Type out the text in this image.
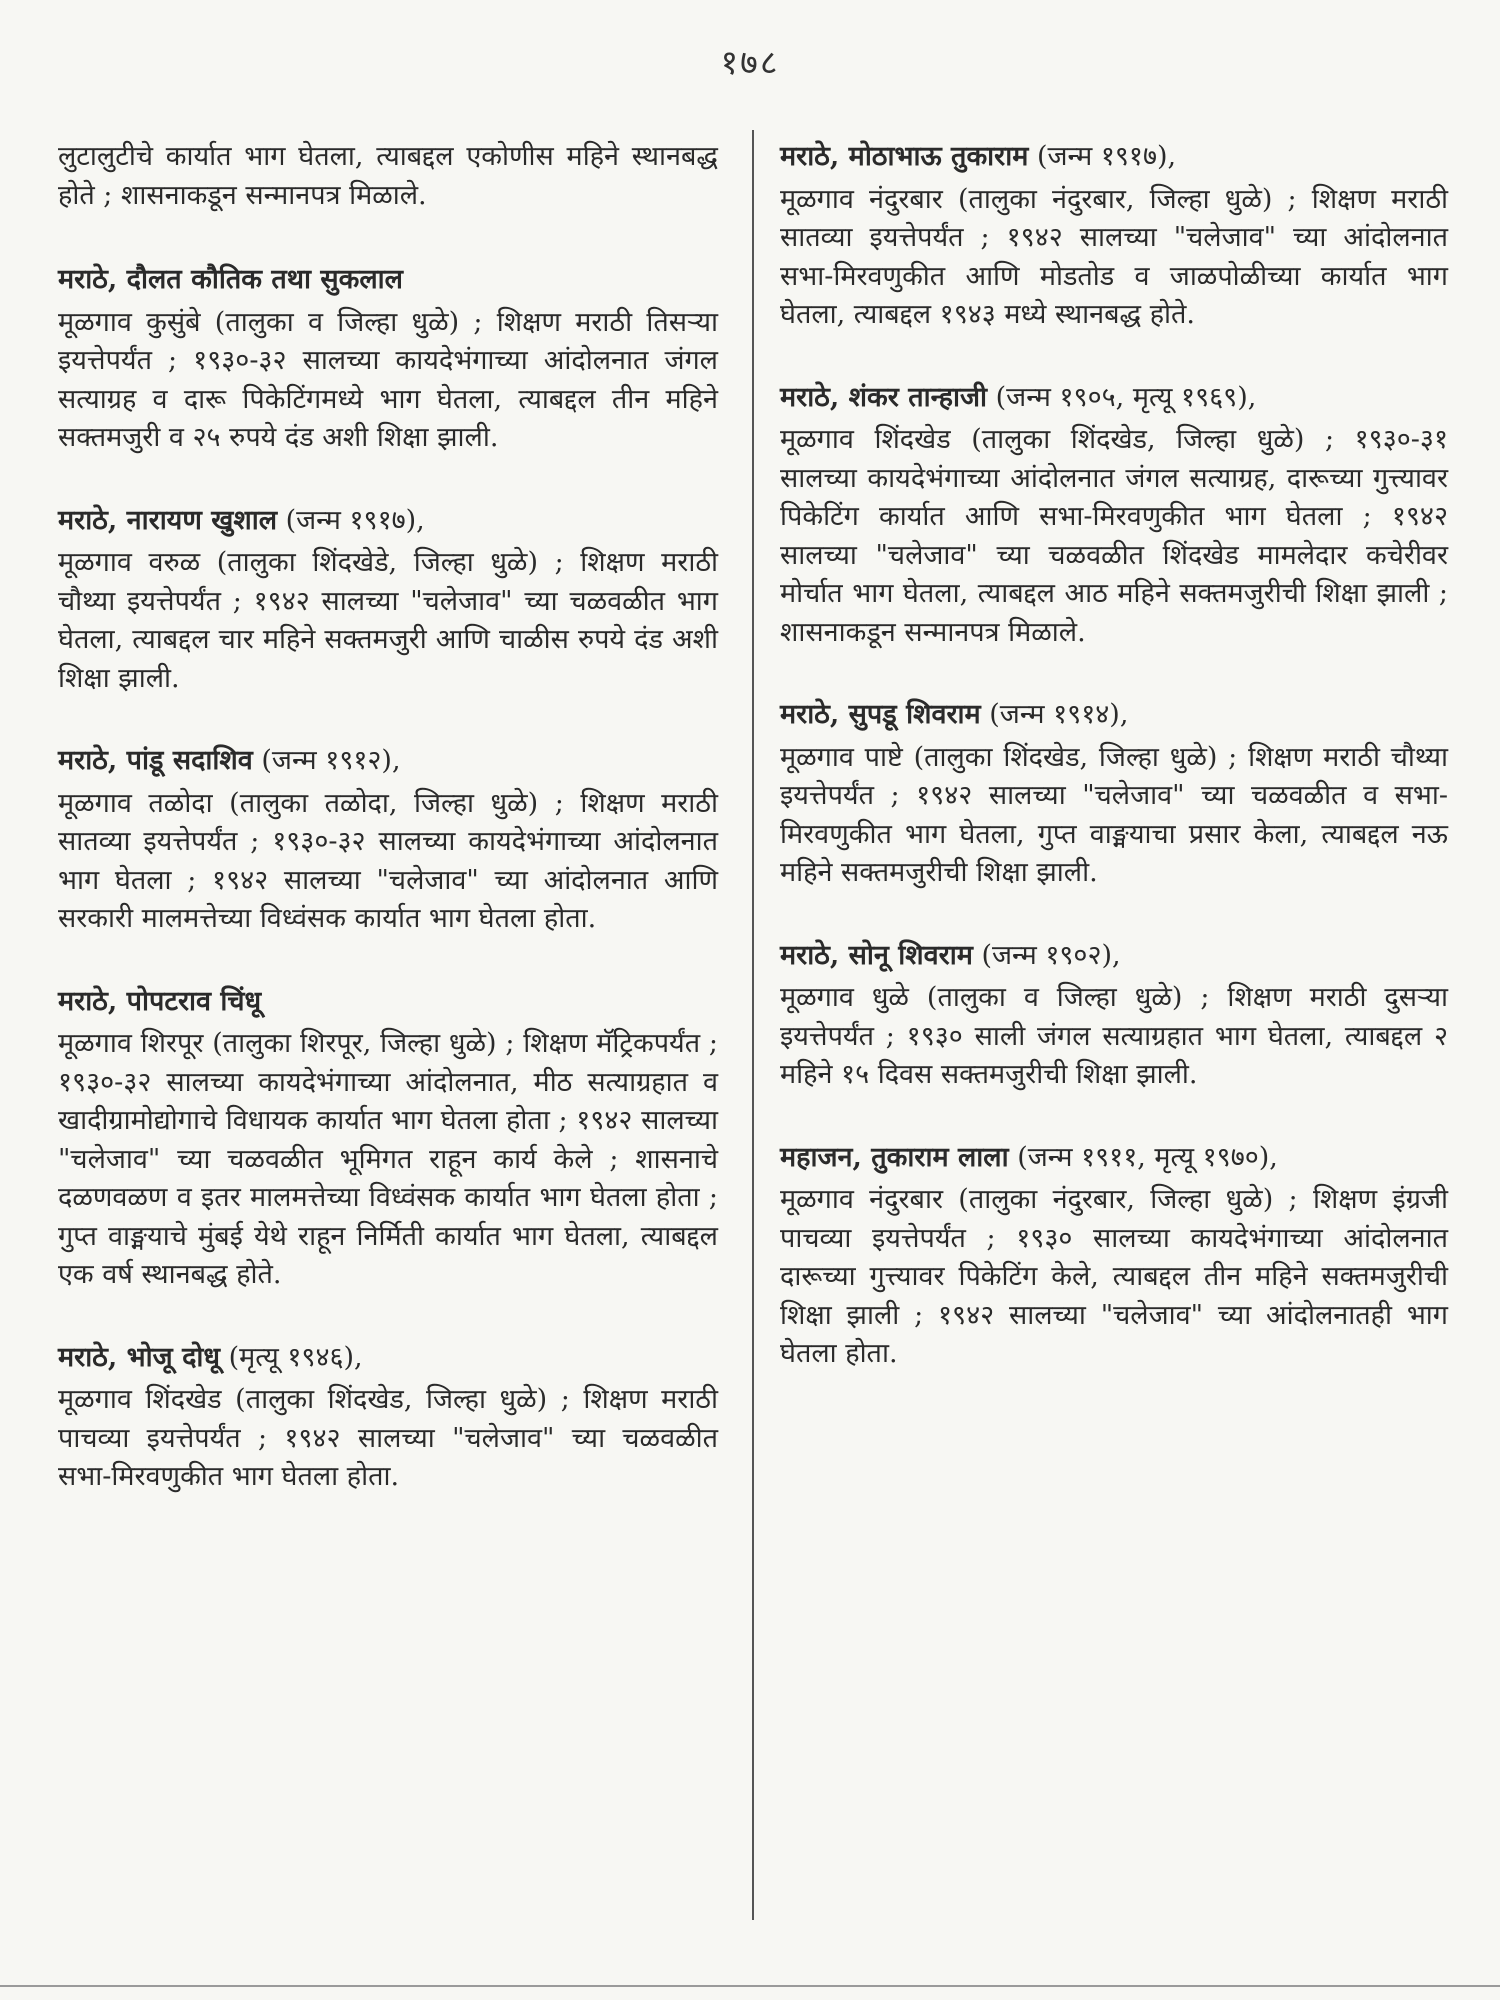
१७८

लुटालुटीचे कार्यात भाग घेतला, त्याबद्दल एकोणीस महिने स्थानबद्ध होते ; शासनाकडून सन्मानपत्र मिळाले.

मराठे, दौलत कौतिक तथा सुकलाल

मूळगाव कुसुंबे (तालुका व जिल्हा धुळे) ; शिक्षण मराठी तिसऱ्या इयत्तेपर्यंत ; १९३०-३२ सालच्या कायदेभंगाच्या आंदोलनात जंगल सत्याग्रह व दारू पिकेटिंगमध्ये भाग घेतला, त्याबद्दल तीन महिने सक्तमजुरी व २५ रुपये दंड अशी शिक्षा झाली.

मराठे, नारायण खुशाल (जन्म १९१७),

मूळगाव वरुळ (तालुका शिंदखेडे, जिल्हा धुळे) ; शिक्षण मराठी चौथ्या इयत्तेपर्यंत ; १९४२ सालच्या "चलेजाव" च्या चळवळीत भाग घेतला, त्याबद्दल चार महिने सक्तमजुरी आणि चाळीस रुपये दंड अशी शिक्षा झाली.

मराठे, पांडू सदाशिव (जन्म १९१२),

मूळगाव तळोदा (तालुका तळोदा, जिल्हा धुळे) ; शिक्षण मराठी सातव्या इयत्तेपर्यंत ; १९३०-३२ सालच्या कायदेभंगाच्या आंदोलनात भाग घेतला ; १९४२ सालच्या "चलेजाव" च्या आंदोलनात आणि सरकारी मालमत्तेच्या विध्वंसक कार्यात भाग घेतला होता.

मराठे, पोपटराव चिंधू

मूळगाव शिरपूर (तालुका शिरपूर, जिल्हा धुळे) ; शिक्षण मॅट्रिकपर्यंत ; १९३०-३२ सालच्या कायदेभंगाच्या आंदोलनात, मीठ सत्याग्रहात व खादीग्रामोद्योगाचे विधायक कार्यात भाग घेतला होता ; १९४२ सालच्या "चलेजाव" च्या चळवळीत भूमिगत राहून कार्य केले ; शासनाचे दळणवळण व इतर मालमत्तेच्या विध्वंसक कार्यात भाग घेतला होता ; गुप्त वाङ्मयाचे मुंबई येथे राहून निर्मिती कार्यात भाग घेतला, त्याबद्दल एक वर्ष स्थानबद्ध होते.

मराठे, भोजू दोधू (मृत्यू १९४६),

मूळगाव शिंदखेड (तालुका शिंदखेड, जिल्हा धुळे) ; शिक्षण मराठी पाचव्या इयत्तेपर्यंत ; १९४२ सालच्या "चलेजाव" च्या चळवळीत सभा-मिरवणुकीत भाग घेतला होता.

मराठे, मोठाभाऊ तुकाराम (जन्म १९१७),

मूळगाव नंदुरबार (तालुका नंदुरबार, जिल्हा धुळे) ; शिक्षण मराठी सातव्या इयत्तेपर्यंत ; १९४२ सालच्या "चलेजाव" च्या आंदोलनात सभा-मिरवणुकीत आणि मोडतोड व जाळपोळीच्या कार्यात भाग घेतला, त्याबद्दल १९४३ मध्ये स्थानबद्ध होते.

मराठे, शंकर तान्हाजी (जन्म १९०५, मृत्यू १९६९),

मूळगाव शिंदखेड (तालुका शिंदखेड, जिल्हा धुळे) ; १९३०-३१ सालच्या कायदेभंगाच्या आंदोलनात जंगल सत्याग्रह, दारूच्या गुत्त्यावर पिकेटिंग कार्यात आणि सभा-मिरवणुकीत भाग घेतला ; १९४२ सालच्या "चलेजाव" च्या चळवळीत शिंदखेड मामलेदार कचेरीवर मोर्चात भाग घेतला, त्याबद्दल आठ महिने सक्तमजुरीची शिक्षा झाली ; शासनाकडून सन्मानपत्र मिळाले.

मराठे, सुपडू शिवराम (जन्म १९१४),

मूळगाव पाष्टे (तालुका शिंदखेड, जिल्हा धुळे) ; शिक्षण मराठी चौथ्या इयत्तेपर्यंत ; १९४२ सालच्या "चलेजाव" च्या चळवळीत व सभा-मिरवणुकीत भाग घेतला, गुप्त वाङ्मयाचा प्रसार केला, त्याबद्दल नऊ महिने सक्तमजुरीची शिक्षा झाली.

मराठे, सोनू शिवराम (जन्म १९०२),

मूळगाव धुळे (तालुका व जिल्हा धुळे) ; शिक्षण मराठी दुसऱ्या इयत्तेपर्यंत ; १९३० साली जंगल सत्याग्रहात भाग घेतला, त्याबद्दल २ महिने १५ दिवस सक्तमजुरीची शिक्षा झाली.

महाजन, तुकाराम लाला (जन्म १९११, मृत्यू १९७०),

मूळगाव नंदुरबार (तालुका नंदुरबार, जिल्हा धुळे) ; शिक्षण इंग्रजी पाचव्या इयत्तेपर्यंत ; १९३० सालच्या कायदेभंगाच्या आंदोलनात दारूच्या गुत्त्यावर पिकेटिंग केले, त्याबद्दल तीन महिने सक्तमजुरीची शिक्षा झाली ; १९४२ सालच्या "चलेजाव" च्या आंदोलनातही भाग घेतला होता.
